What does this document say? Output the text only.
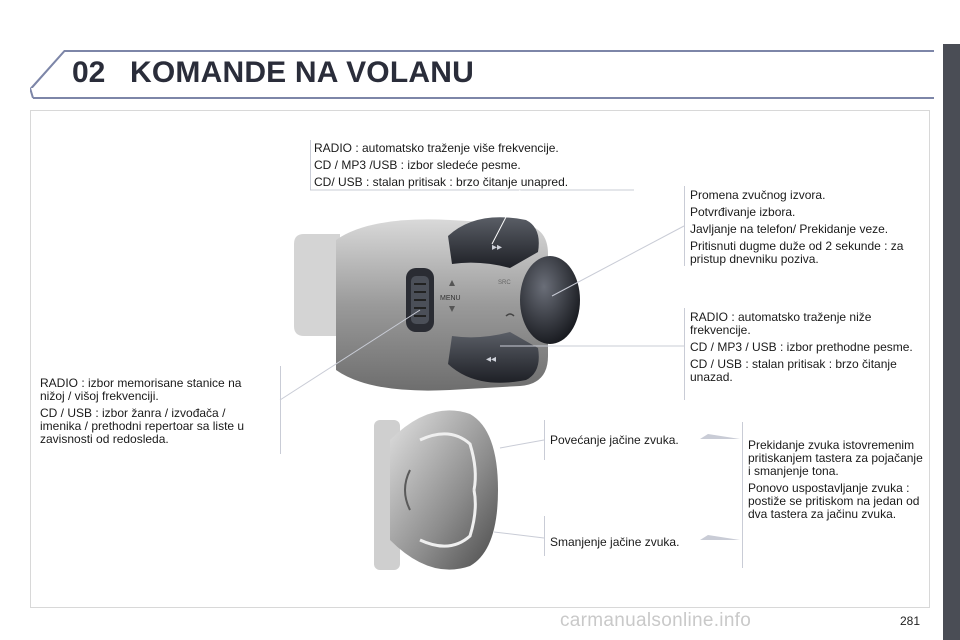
02 KOMANDE NA VOLANU

RADIO : automatsko traženje više frekvencije.

CD / MP3 /USB : izbor sledeće pesme.

CD/ USB : stalan pritisak : brzo čitanje unapred.

Promena zvučnog izvora.

Potvrđivanje izbora.

Javljanje na telefon/ Prekidanje veze.

Pritisnuti dugme duže od 2 sekunde : za pristup dnevniku poziva.

RADIO : automatsko traženje niže frekvencije.

CD / MP3 / USB : izbor prethodne pesme.

CD / USB : stalan pritisak : brzo čitanje unazad.

RADIO : izbor memorisane stanice na nižoj / višoj frekvenciji.

CD / USB : izbor žanra / izvođača / imenika / prethodni repertoar sa liste u zavisnosti od redosleda.	Povećanje jačine zvuka.
Smanjenje jačine zvuka.

Prekidanje zvuka istovremenim pritiskanjem tastera za pojačanje i smanjenje tona.

Ponovo uspostavljanje zvuka : postiže se pritiskom na jedan od dva tastera za jačinu zvuka.

MENU
▸▸
◂◂
SRC
281
carmanualsonline.info
